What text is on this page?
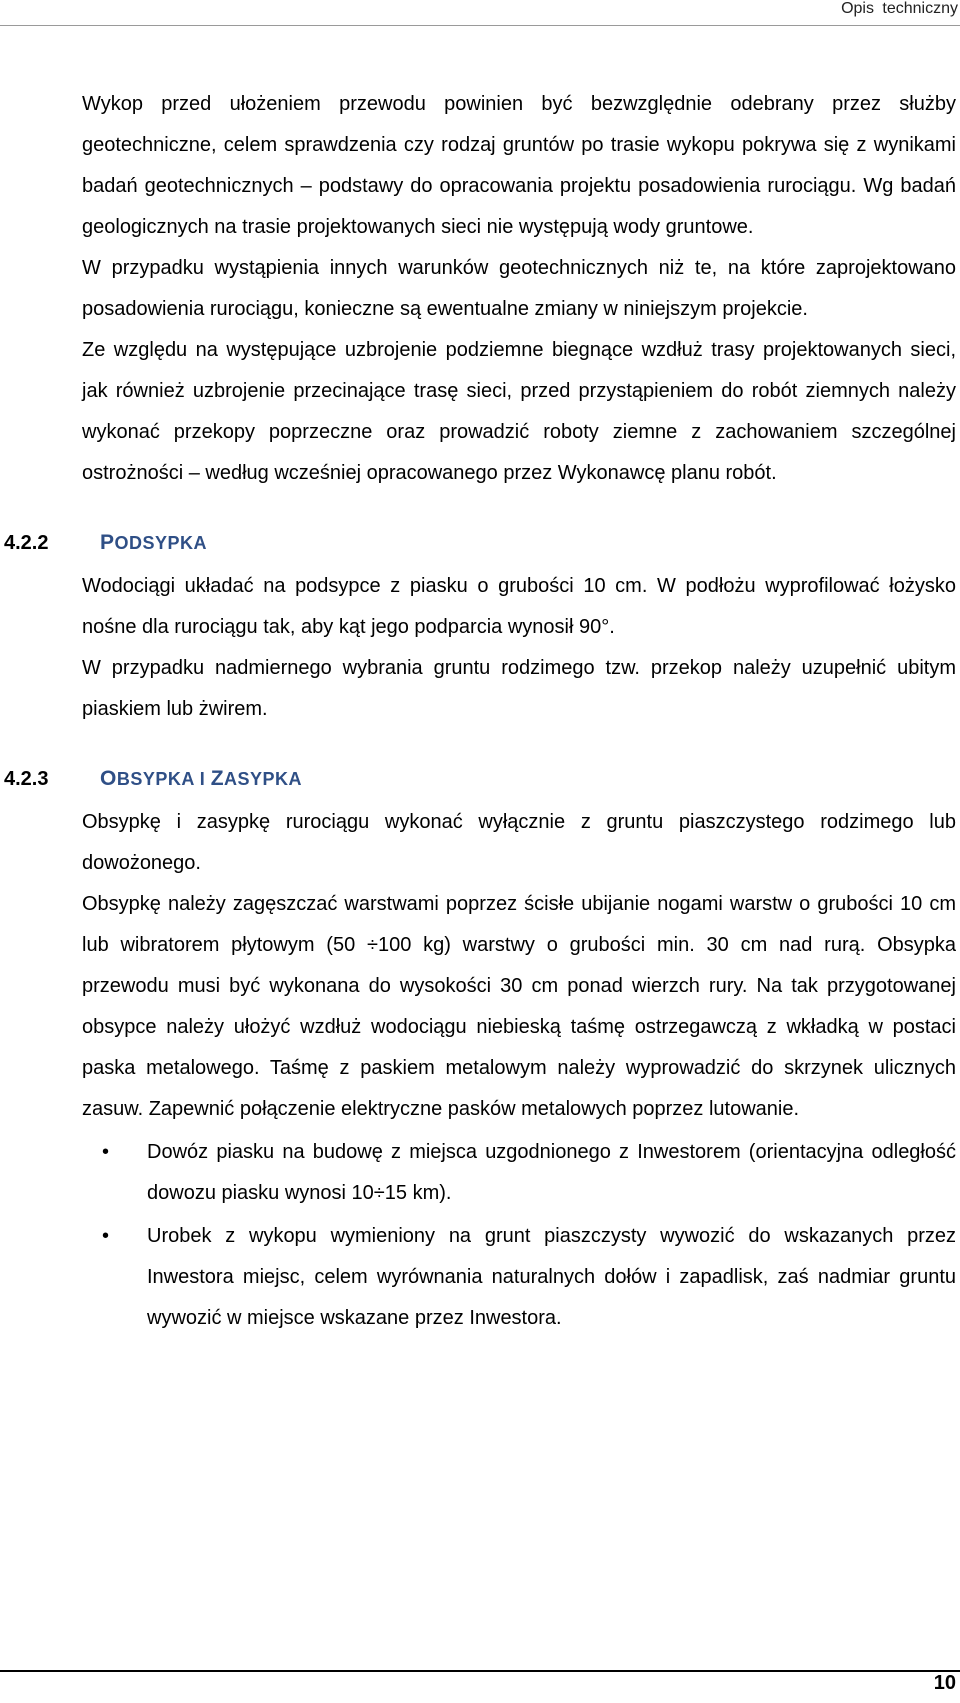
Opis techniczny

Wykop przed ułożeniem przewodu powinien być bezwzględnie odebrany przez służby geotechniczne, celem sprawdzenia czy rodzaj gruntów po trasie wykopu pokrywa się z wynikami badań geotechnicznych – podstawy do opracowania projektu posadowienia rurociągu. Wg badań geologicznych na trasie projektowanych sieci nie występują wody gruntowe.

W przypadku wystąpienia innych warunków geotechnicznych niż te, na które zaprojektowano posadowienia rurociągu, konieczne są ewentualne zmiany w niniejszym projekcie.

Ze względu na występujące uzbrojenie podziemne biegnące wzdłuż trasy projektowanych sieci, jak również uzbrojenie przecinające trasę sieci, przed przystąpieniem do robót ziemnych należy wykonać przekopy poprzeczne oraz prowadzić roboty ziemne z zachowaniem szczególnej ostrożności – według wcześniej opracowanego przez Wykonawcę planu robót.

4.2.2	PODSYPKA

Wodociągi układać na podsypce z piasku o grubości 10 cm. W podłożu wyprofilować łożysko nośne dla rurociągu tak, aby kąt jego podparcia wynosił 90°.

W przypadku nadmiernego wybrania gruntu rodzimego tzw. przekop należy uzupełnić ubitym piaskiem lub żwirem.

4.2.3	OBSYPKA I ZASYPKA

Obsypkę i zasypkę rurociągu wykonać wyłącznie z gruntu piaszczystego rodzimego lub dowożonego.

Obsypkę należy zagęszczać warstwami poprzez ścisłe ubijanie nogami warstw o grubości 10 cm lub wibratorem płytowym (50 ÷100 kg) warstwy o grubości min. 30 cm nad rurą. Obsypka przewodu musi być wykonana do wysokości 30 cm ponad wierzch rury. Na tak przygotowanej obsypce należy ułożyć wzdłuż wodociągu niebieską taśmę ostrzegawczą z wkładką w postaci paska metalowego. Taśmę z paskiem metalowym należy wyprowadzić do skrzynek ulicznych zasuw. Zapewnić połączenie elektryczne pasków metalowych poprzez lutowanie.

• Dowóz piasku na budowę z miejsca uzgodnionego z Inwestorem (orientacyjna odległość dowozu piasku wynosi 10÷15 km).
• Urobek z wykopu wymieniony na grunt piaszczysty wywozić do wskazanych przez Inwestora miejsc, celem wyrównania naturalnych dołów i zapadlisk, zaś nadmiar gruntu wywozić w miejsce wskazane przez Inwestora.
10
